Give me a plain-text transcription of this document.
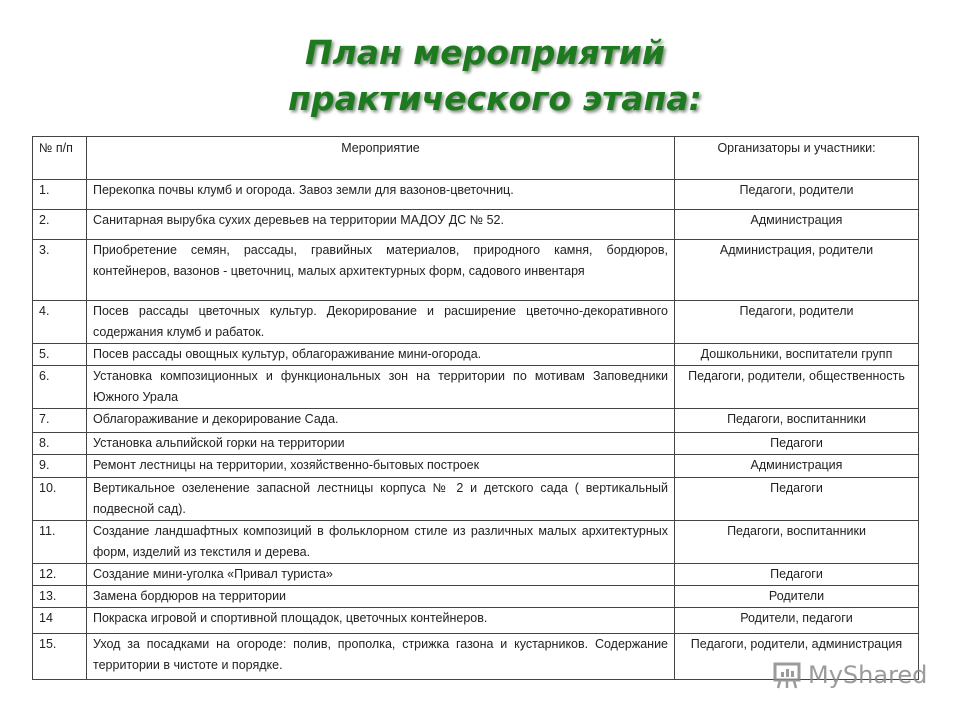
План мероприятий
практического этапа:
№ п/п	Мероприятие	Организаторы и участники:
1.	Перекопка почвы клумб и огорода. Завоз земли для вазонов-цветочниц.	Педагоги, родители
2.	Санитарная вырубка сухих деревьев на территории МАДОУ ДС № 52.	Администрация
3.	Приобретение семян, рассады, гравийных материалов, природного камня, бордюров, контейнеров, вазонов - цветочниц, малых архитектурных форм, садового инвентаря	Администрация, родители
4.	Посев рассады цветочных культур. Декорирование и расширение цветочно-декоративного содержания клумб и рабаток.	Педагоги, родители
5.	Посев рассады овощных культур, облагораживание мини-огорода.	Дошкольники, воспитатели групп
6.	Установка композиционных и функциональных зон на территории по мотивам Заповедники Южного Урала	Педагоги, родители, общественность
7.	Облагораживание и декорирование Сада.	Педагоги, воспитанники
8.	Установка альпийской горки на территории	Педагоги
9.	Ремонт лестницы на территории, хозяйственно-бытовых построек	Администрация
10.	Вертикальное озеленение запасной лестницы корпуса № 2 и детского сада ( вертикальный подвесной сад).	Педагоги
11.	Создание ландшафтных композиций в фольклорном стиле из различных малых архитектурных форм, изделий из текстиля и дерева.	Педагоги, воспитанники
12.	Создание мини-уголка «Привал туриста»	Педагоги
13.	Замена бордюров на территории	Родители
14	Покраска игровой и спортивной площадок, цветочных контейнеров.	Родители, педагоги
15.	Уход за посадками на огороде: полив, прополка, стрижка газона и кустарников. Содержание территории в чистоте и порядке.	Педагоги, родители, администрация
MyShared
